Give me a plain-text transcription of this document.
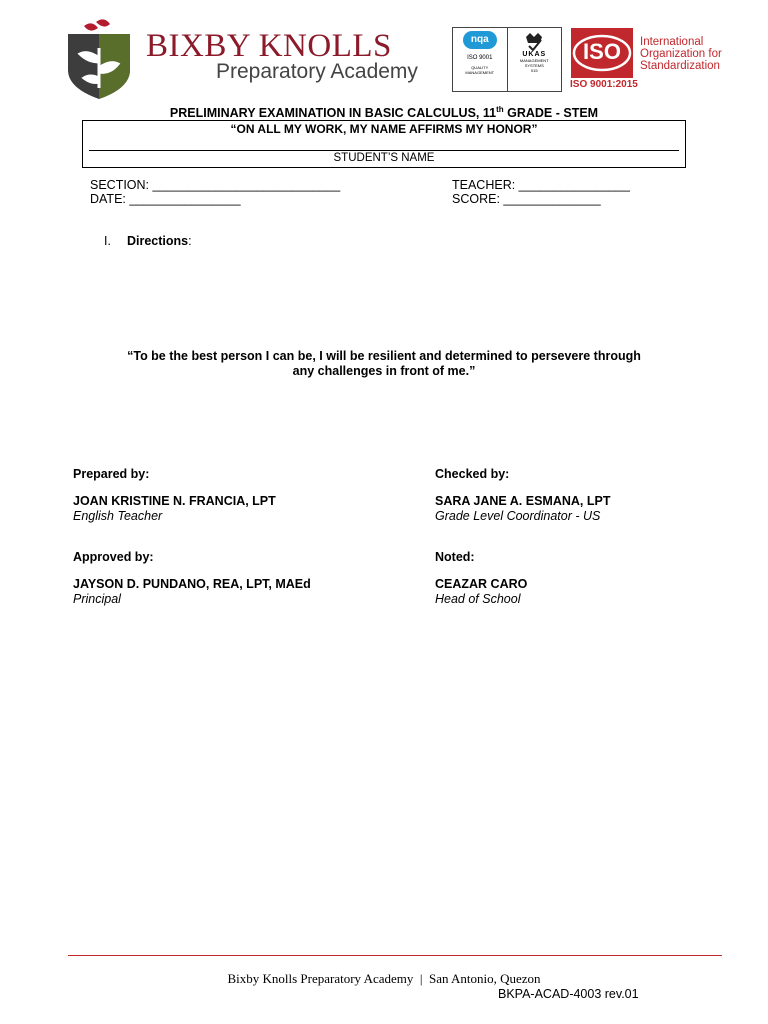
BIXBY KNOLLS
Preparatory Academy
nqa
ISO 9001
QUALITY MANAGEMENT
UKAS
MANAGEMENT SYSTEMS
015
ISO
ISO 9001:2015
International
Organization for
Standardization
PRELIMINARY EXAMINATION IN BASIC CALCULUS, 11th GRADE - STEM
“ON ALL MY WORK, MY NAME AFFIRMS MY HONOR”
STUDENT’S NAME
SECTION: ___________________________
DATE: ________________
TEACHER: ________________
SCORE: ______________
I. Directions:
“To be the best person I can be, I will be resilient and determined to persevere through
any challenges in front of me.”
Prepared by:
JOAN KRISTINE N. FRANCIA, LPT
English Teacher
Checked by:
SARA JANE A. ESMANA, LPT
Grade Level Coordinator - US
Approved by:
JAYSON D. PUNDANO, REA, LPT, MAEd
Principal
Noted:
CEAZAR CARO
Head of School
Bixby Knolls Preparatory Academy  |  San Antonio, Quezon
BKPA-ACAD-4003 rev.01
